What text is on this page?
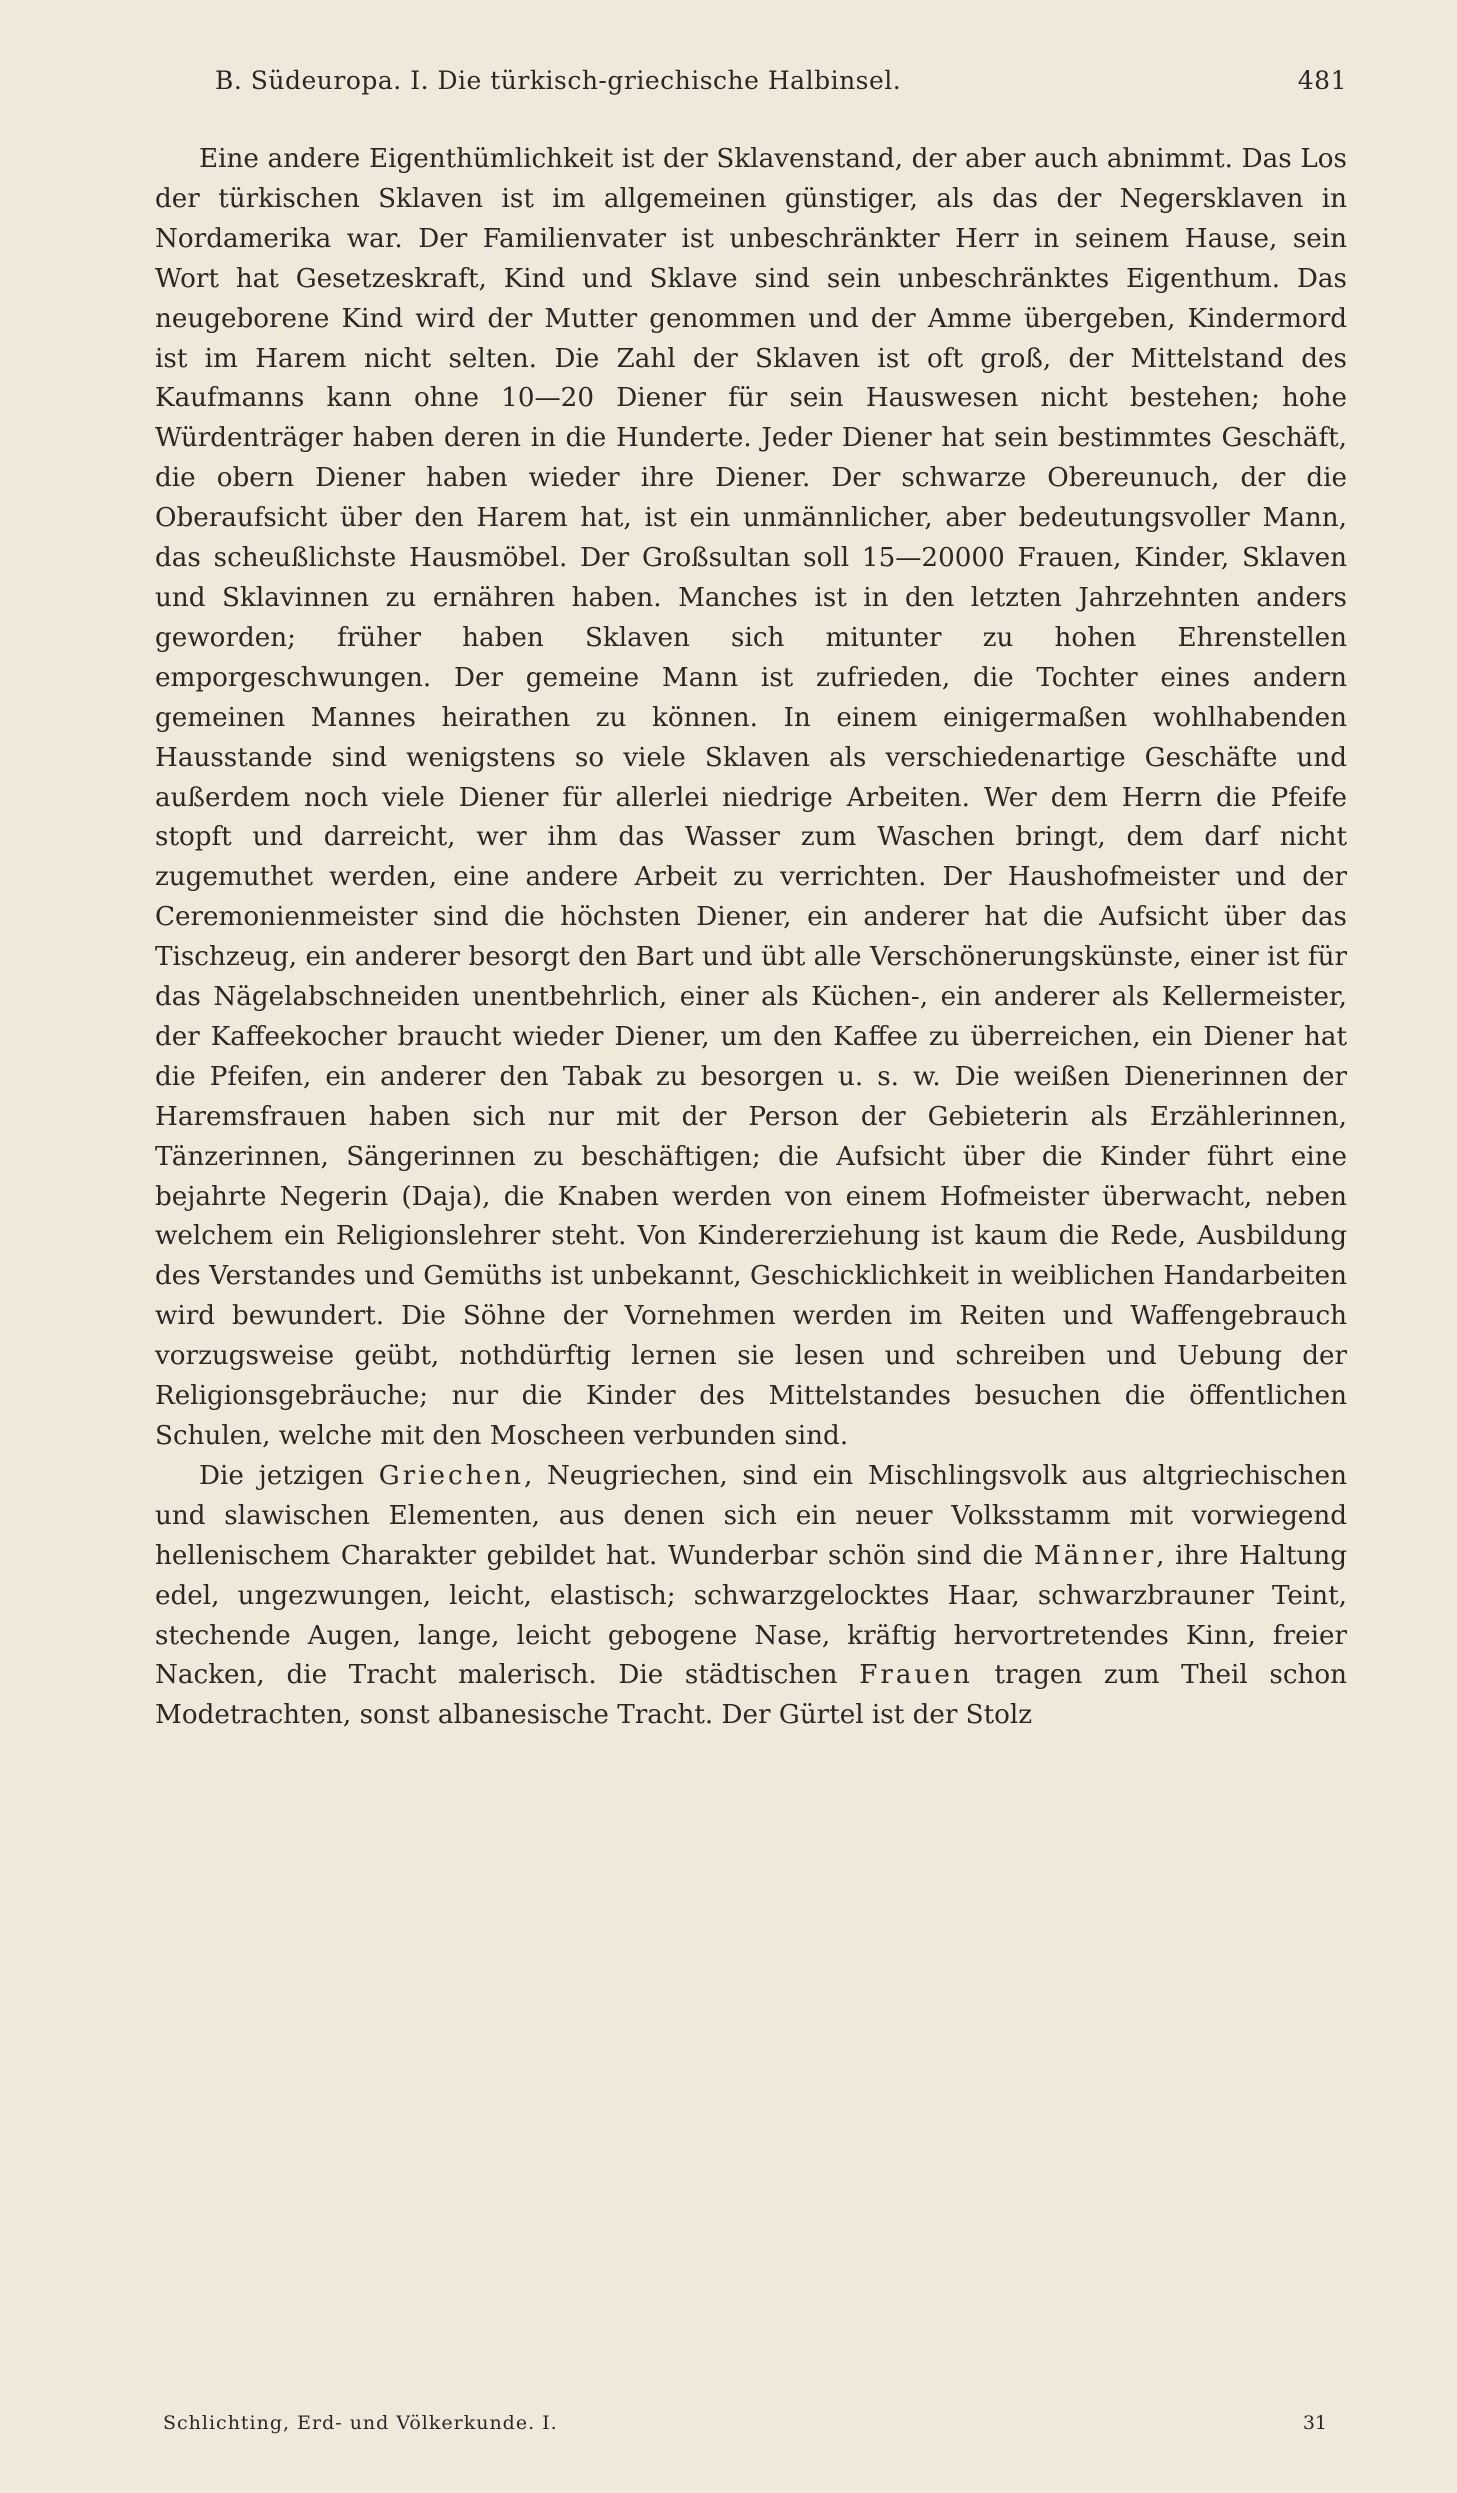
B. Südeuropa. I. Die türkisch-griechische Halbinsel.	481

Eine andere Eigenthümlichkeit ist der Sklavenstand, der aber auch abnimmt. Das Los der türkischen Sklaven ist im allgemeinen günstiger, als das der Negersklaven in Nordamerika war. Der Familienvater ist unbeschränkter Herr in seinem Hause, sein Wort hat Gesetzeskraft, Kind und Sklave sind sein unbeschränktes Eigenthum. Das neugeborene Kind wird der Mutter genommen und der Amme übergeben, Kindermord ist im Harem nicht selten. Die Zahl der Sklaven ist oft groß, der Mittelstand des Kaufmanns kann ohne 10—20 Diener für sein Hauswesen nicht bestehen; hohe Würdenträger haben deren in die Hunderte. Jeder Diener hat sein bestimmtes Geschäft, die obern Diener haben wieder ihre Diener. Der schwarze Obereunuch, der die Oberaufsicht über den Harem hat, ist ein unmännlicher, aber bedeutungsvoller Mann, das scheußlichste Hausmöbel. Der Großsultan soll 15—20000 Frauen, Kinder, Sklaven und Sklavinnen zu ernähren haben. Manches ist in den letzten Jahrzehnten anders geworden; früher haben Sklaven sich mitunter zu hohen Ehrenstellen emporgeschwungen. Der gemeine Mann ist zufrieden, die Tochter eines andern gemeinen Mannes heirathen zu können. In einem einigermaßen wohlhabenden Hausstande sind wenigstens so viele Sklaven als verschiedenartige Geschäfte und außerdem noch viele Diener für allerlei niedrige Arbeiten. Wer dem Herrn die Pfeife stopft und darreicht, wer ihm das Wasser zum Waschen bringt, dem darf nicht zugemuthet werden, eine andere Arbeit zu verrichten. Der Haushofmeister und der Ceremonienmeister sind die höchsten Diener, ein anderer hat die Aufsicht über das Tischzeug, ein anderer besorgt den Bart und übt alle Verschönerungskünste, einer ist für das Nägelabschneiden unentbehrlich, einer als Küchen-, ein anderer als Kellermeister, der Kaffeekocher braucht wieder Diener, um den Kaffee zu überreichen, ein Diener hat die Pfeifen, ein anderer den Tabak zu besorgen u. s. w. Die weißen Dienerinnen der Haremsfrauen haben sich nur mit der Person der Gebieterin als Erzählerinnen, Tänzerinnen, Sängerinnen zu beschäftigen; die Aufsicht über die Kinder führt eine bejahrte Negerin (Daja), die Knaben werden von einem Hofmeister überwacht, neben welchem ein Religionslehrer steht. Von Kindererziehung ist kaum die Rede, Ausbildung des Verstandes und Gemüths ist unbekannt, Geschicklichkeit in weiblichen Handarbeiten wird bewundert. Die Söhne der Vornehmen werden im Reiten und Waffengebrauch vorzugsweise geübt, nothdürftig lernen sie lesen und schreiben und Uebung der Religionsgebräuche; nur die Kinder des Mittelstandes besuchen die öffentlichen Schulen, welche mit den Moscheen verbunden sind.

Die jetzigen Griechen, Neugriechen, sind ein Mischlingsvolk aus altgriechischen und slawischen Elementen, aus denen sich ein neuer Volksstamm mit vorwiegend hellenischem Charakter gebildet hat. Wunderbar schön sind die Männer, ihre Haltung edel, ungezwungen, leicht, elastisch; schwarzgelocktes Haar, schwarzbrauner Teint, stechende Augen, lange, leicht gebogene Nase, kräftig hervortretendes Kinn, freier Nacken, die Tracht malerisch. Die städtischen Frauen tragen zum Theil schon Modetrachten, sonst albanesische Tracht. Der Gürtel ist der Stolz

Schlichting, Erd- und Völkerkunde. I.	31
